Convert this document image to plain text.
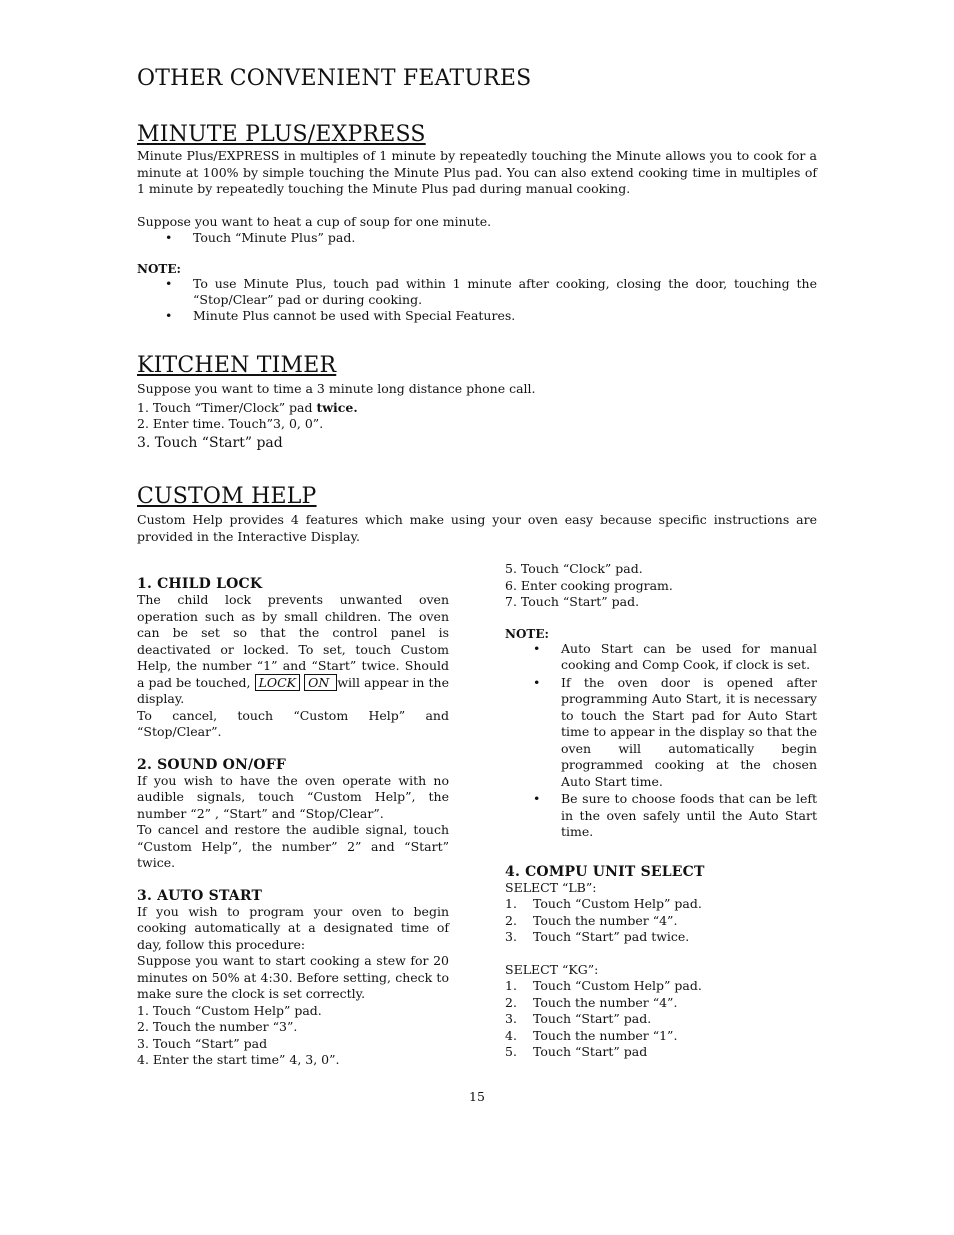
OTHER CONVENIENT FEATURES
MINUTE PLUS/EXPRESS

Minute Plus/EXPRESS in multiples of 1 minute by repeatedly touching the Minute allows you to cook for a minute at 100% by simple touching the Minute Plus pad. You can also extend cooking time in multiples of 1 minute by repeatedly touching the Minute Plus pad during manual cooking.

Suppose you want to heat a cup of soup for one minute.

• Touch “Minute Plus” pad.

NOTE:

• To use Minute Plus, touch pad within 1 minute after cooking, closing the door, touching the “Stop/Clear” pad or during cooking.
• Minute Plus cannot be used with Special Features.
KITCHEN TIMER

Suppose you want to time a 3 minute long distance phone call.

1. Touch “Timer/Clock” pad twice.

2. Enter time. Touch”3, 0, 0”.

3. Touch “Start” pad

CUSTOM HELP

Custom Help provides 4 features which make using your oven easy because specific instructions are provided in the Interactive Display.

1. CHILD LOCK

The child lock prevents unwanted oven operation such as by small children. The oven can be set so that the control panel is deactivated or locked. To set, touch Custom Help, the number “1” and “Start” twice. Should a pad be touched, LOCK ON will appear in the display.

To cancel, touch “Custom Help” and “Stop/Clear”.

2. SOUND ON/OFF

If you wish to have the oven operate with no audible signals, touch “Custom Help”, the number “2” , “Start” and “Stop/Clear”.

To cancel and restore the audible signal, touch “Custom Help”, the number” 2” and “Start” twice.

3. AUTO START

If you wish to program your oven to begin cooking automatically at a designated time of day, follow this procedure:

Suppose you want to start cooking a stew for 20 minutes on 50% at 4:30. Before setting, check to make sure the clock is set correctly.

1. Touch “Custom Help” pad.

2. Touch the number “3”.

3. Touch “Start” pad

4. Enter the start time” 4, 3, 0”.

5. Touch “Clock” pad.

6. Enter cooking program.

7. Touch “Start” pad.

NOTE:

• Auto Start can be used for manual cooking and Comp Cook, if clock is set.
• If the oven door is opened after programming Auto Start, it is necessary to touch the Start pad for Auto Start time to appear in the display so that the oven will automatically begin programmed cooking at the chosen Auto Start time.
• Be sure to choose foods that can be left in the oven safely until the Auto Start time.
4. COMPU UNIT SELECT

SELECT “LB”:

1.	Touch “Custom Help” pad.
2.	Touch the number “4”.
3.	Touch “Start” pad twice.

SELECT “KG”:

1.	Touch “Custom Help” pad.
2.	Touch the number “4”.
3.	Touch “Start” pad.
4.	Touch the number “1”.
5.	Touch “Start” pad
15
